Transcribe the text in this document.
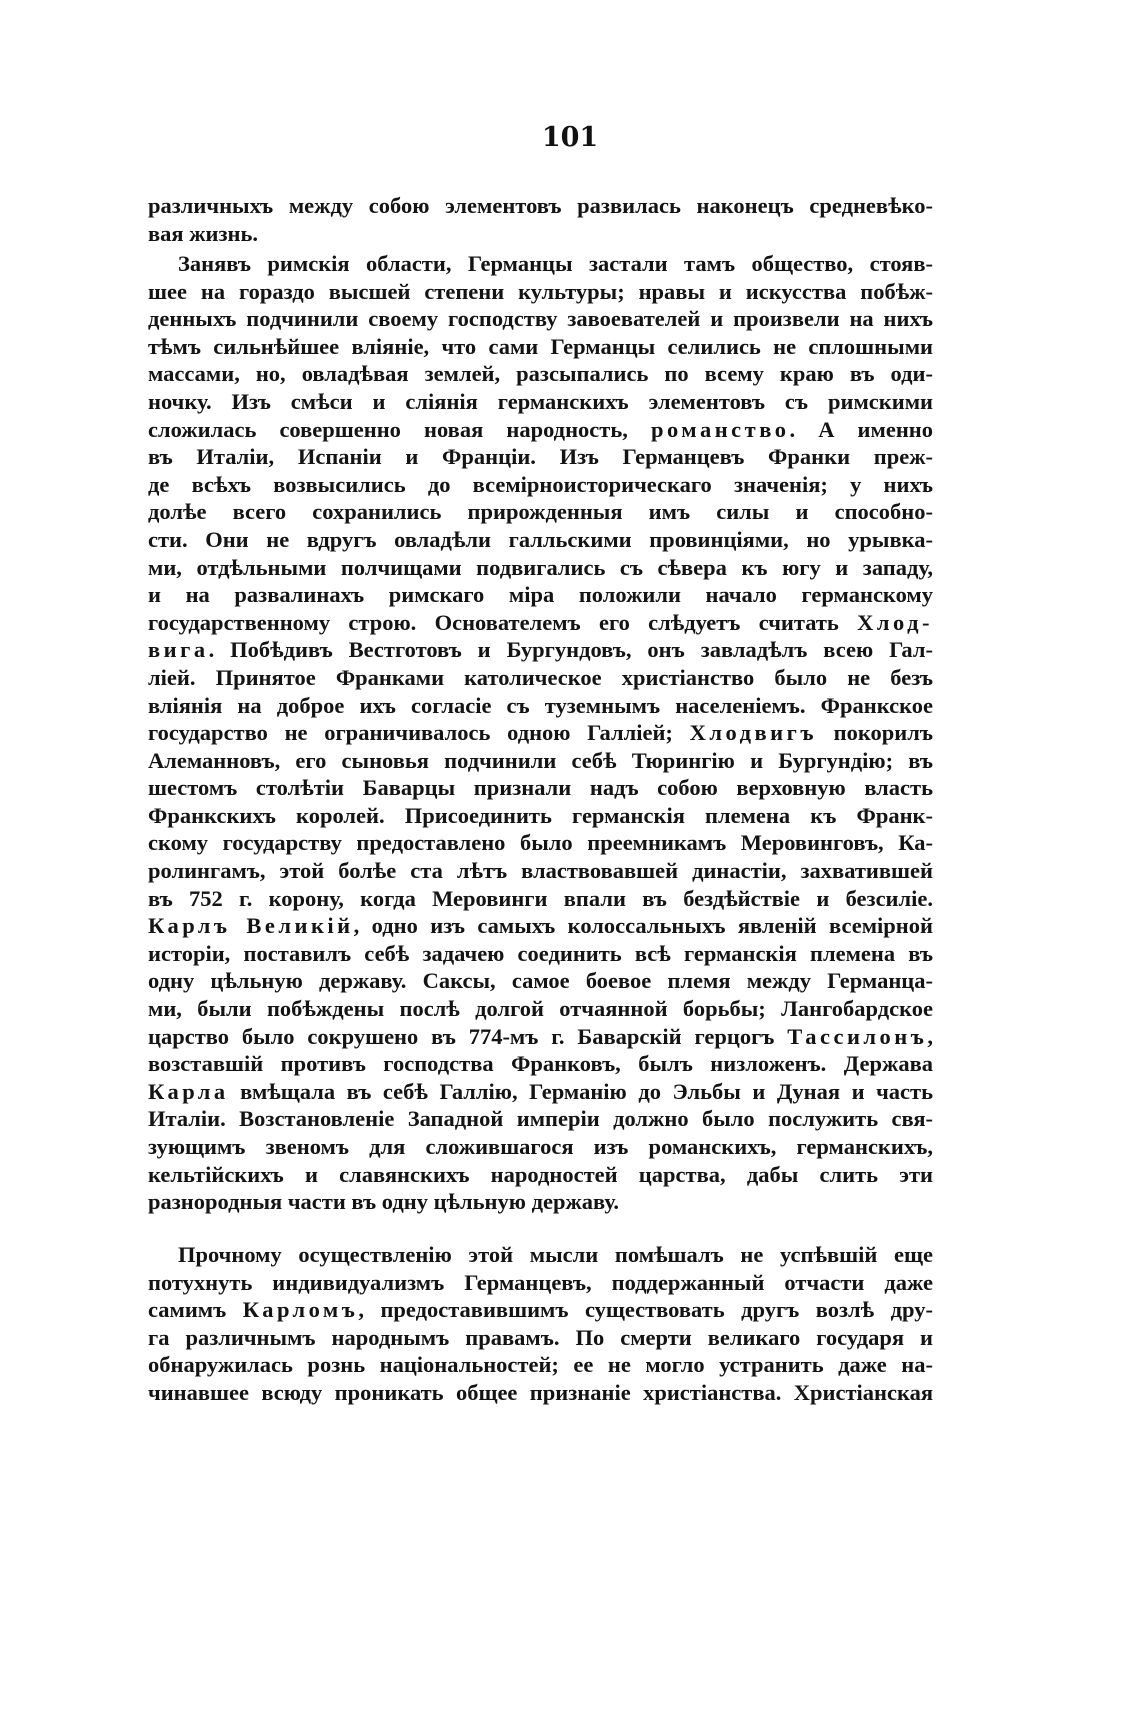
101
различныхъ между собою элементовъ развилась наконецъ средневѣко-
вая жизнь.
Занявъ римскія области, Германцы застали тамъ общество, стояв-
шее на гораздо высшей степени культуры; нравы и искусства побѣж-
денныхъ подчинили своему господству завоевателей и произвели на нихъ
тѣмъ сильнѣйшее вліяніе, что сами Германцы селились не сплошными
массами, но, овладѣвая землей, разсыпались по всему краю въ оди-
ночку. Изъ смѣси и слiянiя германскихъ элементовъ съ римскими
сложилась совершенно новая народность, романство. А именно
въ Италіи, Испаніи и Франціи. Изъ Германцевъ Франки преж-
де всѣхъ возвысились до всемірноисторическаго значенія; у нихъ
долѣе всего сохранились прирожденныя имъ силы и способно-
сти. Они не вдругъ овладѣли галльскими провинціями, но урывка-
ми, отдѣльными полчищами подвигались съ сѣвера къ югу и западу,
и на развалинахъ римскаго міра положили начало германскому
государственному строю. Основателемъ его слѣдуетъ считать Хлод-
вига. Побѣдивъ Вестготовъ и Бургундовъ, онъ завладѣлъ всею Гал-
ліей. Принятое Франками католическое христіанство было не безъ
вліянія на доброе ихъ согласіе съ туземнымъ населеніемъ. Франкское
государство не ограничивалось одною Галліей; Хлодвигъ покорилъ
Алеманновъ, его сыновья подчинили себѣ Тюрингію и Бургундію; въ
шестомъ столѣтіи Баварцы признали надъ собою верховную власть
Франкскихъ королей. Присоединить германскія племена къ Франк-
скому государству предоставлено было преемникамъ Меровинговъ, Ка-
ролингамъ, этой болѣе ста лѣтъ властвовавшей династіи, захватившей
въ 752 г. корону, когда Меровинги впали въ бездѣйствіе и безсиліе.
Карлъ Великій, одно изъ самыхъ колоссальныхъ явленій всемірной
исторіи, поставилъ себѣ задачею соединить всѣ германскія племена въ
одну цѣльную державу. Саксы, самое боевое племя между Германца-
ми, были побѣждены послѣ долгой отчаянной борьбы; Лангобардское
царство было сокрушено въ 774-мъ г. Баварскій герцогъ Тассилонъ,
возставшій противъ господства Франковъ, былъ низложенъ. Держава
Карла вмѣщала въ себѣ Галлію, Германію до Эльбы и Дуная и часть
Италіи. Возстановленіе Западной имперіи должно было послужить свя-
зующимъ звеномъ для сложившагося изъ романскихъ, германскихъ,
кельтійскихъ и славянскихъ народностей царства, дабы слить эти
разнородныя части въ одну цѣльную державу.
Прочному осуществленію этой мысли помѣшалъ не успѣвшій еще
потухнуть индивидуализмъ Германцевъ, поддержанный отчасти даже
самимъ Карломъ, предоставившимъ существовать другъ возлѣ дру-
га различнымъ народнымъ правамъ. По смерти великаго государя и
обнаружилась рознь національностей; ее не могло устранить даже на-
чинавшее всюду проникать общее признаніе христіанства. Христіанская
